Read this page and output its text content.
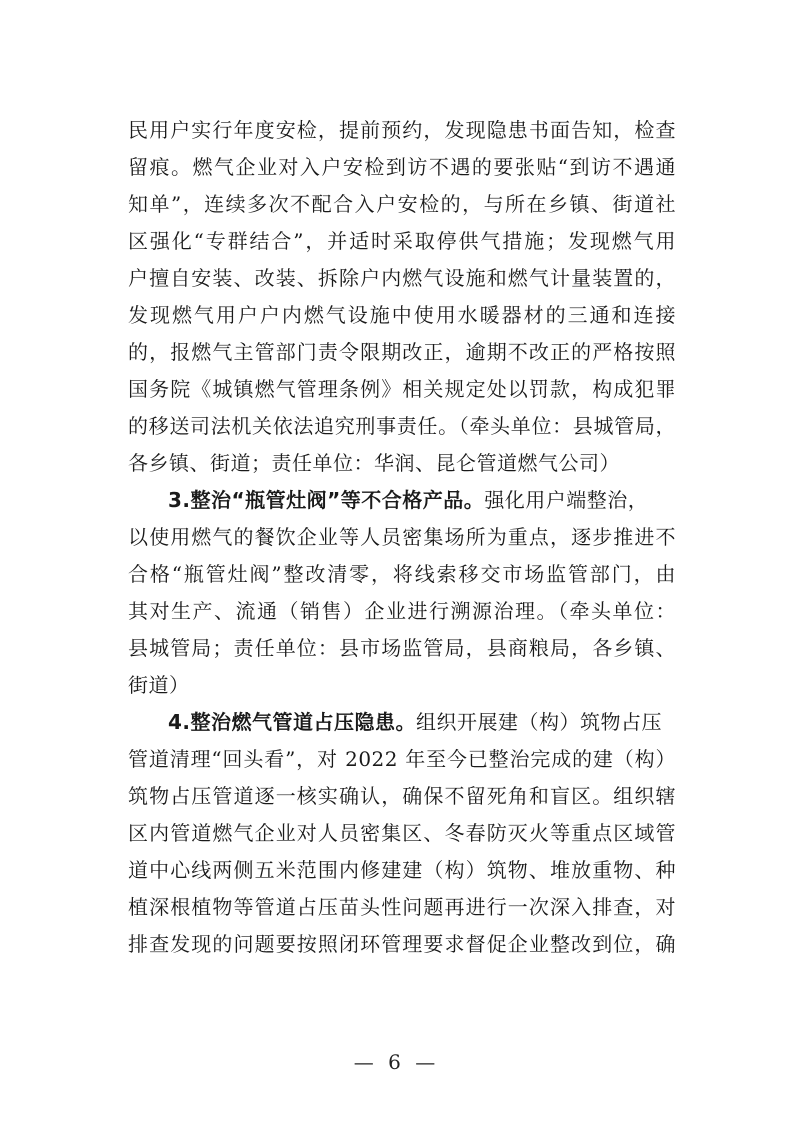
民用户实行年度安检，提前预约，发现隐患书面告知，检查
留痕。燃气企业对入户安检到访不遇的要张贴“到访不遇通
知单”，连续多次不配合入户安检的，与所在乡镇、街道社
区强化“专群结合”，并适时采取停供气措施；发现燃气用
户擅自安装、改装、拆除户内燃气设施和燃气计量装置的，
发现燃气用户户内燃气设施中使用水暖器材的三通和连接
的，报燃气主管部门责令限期改正，逾期不改正的严格按照
国务院《城镇燃气管理条例》相关规定处以罚款，构成犯罪
的移送司法机关依法追究刑事责任。（牵头单位：县城管局，
各乡镇、街道；责任单位：华润、昆仑管道燃气公司）
3.整治“瓶管灶阀”等不合格产品。强化用户端整治，
以使用燃气的餐饮企业等人员密集场所为重点，逐步推进不
合格“瓶管灶阀”整改清零，将线索移交市场监管部门，由
其对生产、流通（销售）企业进行溯源治理。（牵头单位：
县城管局；责任单位：县市场监管局，县商粮局，各乡镇、
街道）
4.整治燃气管道占压隐患。组织开展建（构）筑物占压
管道清理“回头看”，对 2022 年至今已整治完成的建（构）
筑物占压管道逐一核实确认，确保不留死角和盲区。组织辖
区内管道燃气企业对人员密集区、冬春防灭火等重点区域管
道中心线两侧五米范围内修建建（构）筑物、堆放重物、种
植深根植物等管道占压苗头性问题再进行一次深入排查，对
排查发现的问题要按照闭环管理要求督促企业整改到位，确
— 6 —
